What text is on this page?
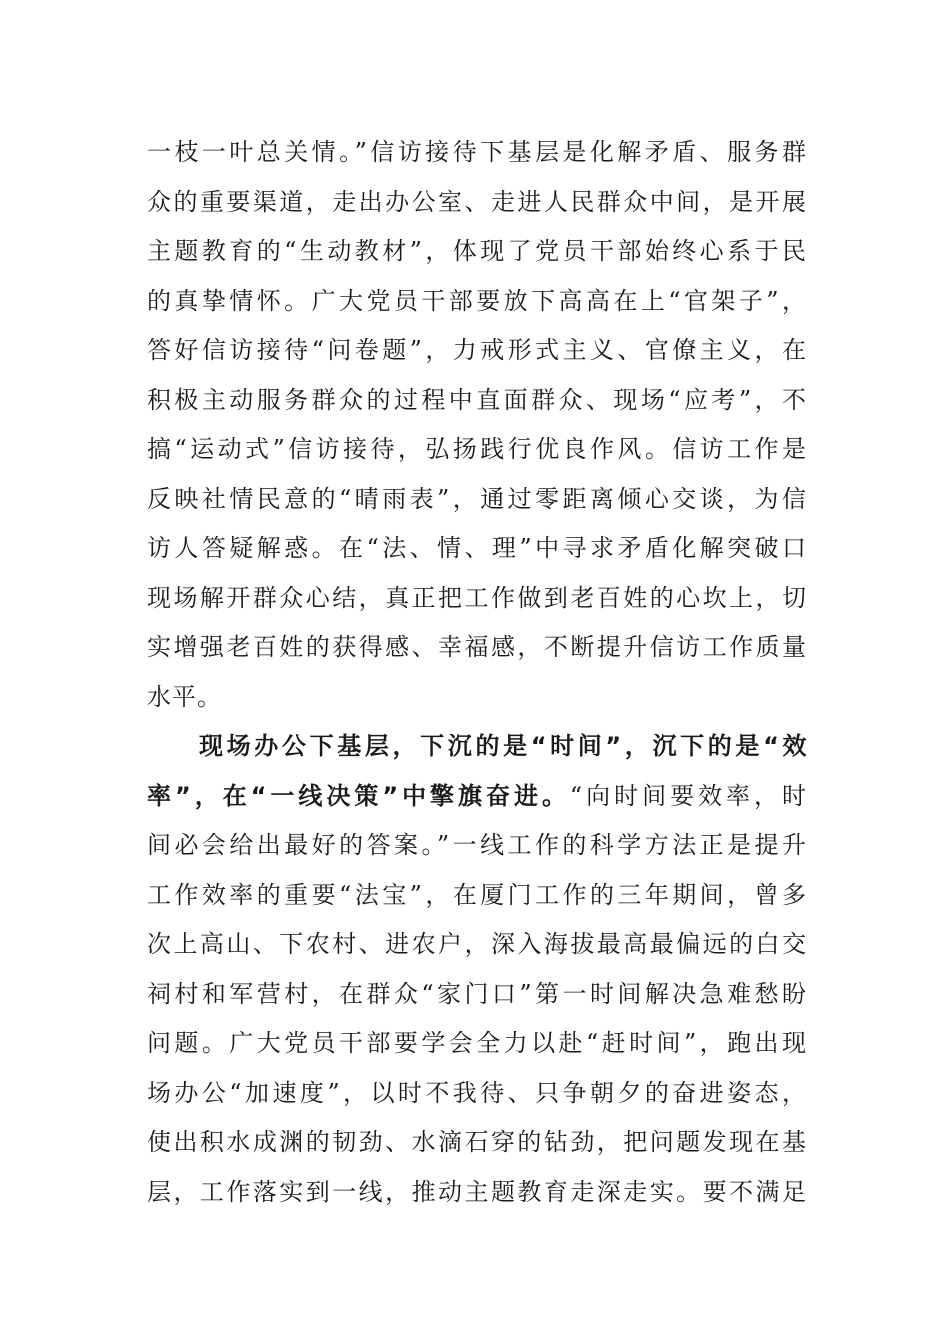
一枝一叶总关情。”信访接待下基层是化解矛盾、服务群
众的重要渠道，走出办公室、走进人民群众中间，是开展
主题教育的“生动教材”，体现了党员干部始终心系于民
的真挚情怀。广大党员干部要放下高高在上“官架子”，
答好信访接待“问卷题”，力戒形式主义、官僚主义，在
积极主动服务群众的过程中直面群众、现场“应考”，不
搞“运动式”信访接待，弘扬践行优良作风。信访工作是
反映社情民意的“晴雨表”，通过零距离倾心交谈，为信
访人答疑解惑。在“法、情、理”中寻求矛盾化解突破口
现场解开群众心结，真正把工作做到老百姓的心坎上，切
实增强老百姓的获得感、幸福感，不断提升信访工作质量
水平。
现场办公下基层，下沉的是“时间”，沉下的是“效
率”，在“一线决策”中擎旗奋进。“向时间要效率，时
间必会给出最好的答案。”一线工作的科学方法正是提升
工作效率的重要“法宝”，在厦门工作的三年期间，曾多
次上高山、下农村、进农户，深入海拔最高最偏远的白交
祠村和军营村，在群众“家门口”第一时间解决急难愁盼
问题。广大党员干部要学会全力以赴“赶时间”，跑出现
场办公“加速度”，以时不我待、只争朝夕的奋进姿态，
使出积水成渊的韧劲、水滴石穿的钻劲，把问题发现在基
层，工作落实到一线，推动主题教育走深走实。要不满足
